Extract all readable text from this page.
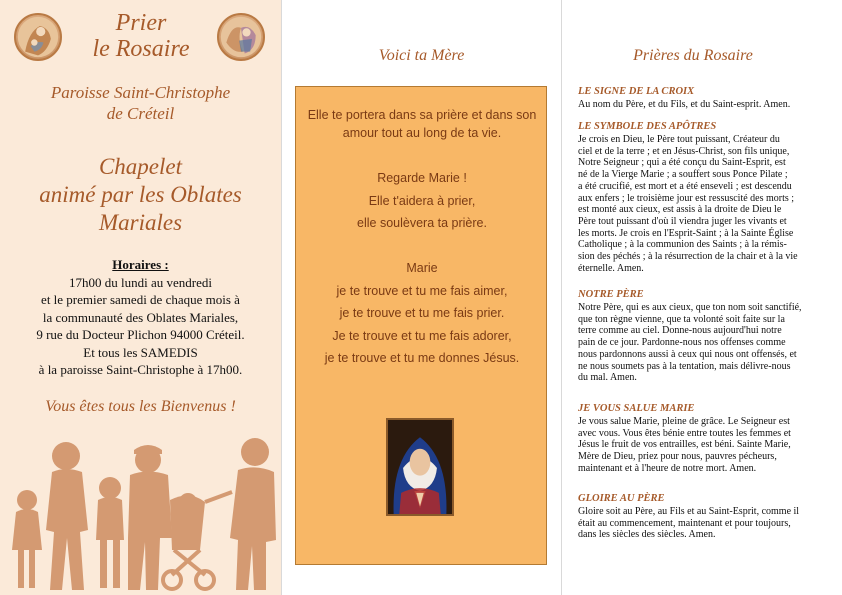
Prier
le Rosaire
Paroisse Saint-Christophe
de Créteil
Chapelet
animé par les Oblates
Mariales
Horaires :
17h00 du lundi au vendredi
et le premier samedi de chaque mois à
la communauté des Oblates Mariales,
9 rue du Docteur Plichon 94000 Créteil.
Et tous les SAMEDIS
à la paroisse Saint-Christophe à 17h00.
Vous êtes tous les Bienvenus !
Voici ta Mère
Elle te portera dans sa prière et dans son
amour tout au long de ta vie.
Regarde Marie !
Elle t'aidera à prier,
elle soulèvera ta prière.
Marie
je te trouve et tu me fais aimer,
je te trouve et tu me fais prier.
Je te trouve et tu me fais adorer,
je te trouve et tu me donnes Jésus.
Prières du Rosaire
LE SIGNE DE LA CROIX

Au nom du Père, et du Fils, et du Saint-esprit. Amen.

LE SYMBOLE DES APÔTRES

Je crois en Dieu, le Père tout puissant, Créateur du

ciel et de la terre ; et en Jésus-Christ, son fils unique,

Notre Seigneur ; qui a été conçu du Saint-Esprit, est

né de la Vierge Marie ; a souffert sous Ponce Pilate ;

a été crucifié, est mort et a été enseveli ; est descendu

aux enfers ; le troisième jour est ressuscité des morts ;

est monté aux cieux, est assis à la droite de Dieu le

Père tout puissant d'où il viendra juger les vivants et

les morts. Je crois en l'Esprit-Saint ; à la Sainte Église

Catholique ; à la communion des Saints ; à la rémis-

sion des péchés ; à la résurrection de la chair et à la vie

éternelle. Amen.

NOTRE PÈRE

Notre Père, qui es aux cieux, que ton nom soit sanctifié,

que ton règne vienne, que ta volonté soit faite sur la

terre comme au ciel. Donne-nous aujourd'hui notre

pain de ce jour. Pardonne-nous nos offenses comme

nous pardonnons aussi à ceux qui nous ont offensés, et

ne nous soumets pas à la tentation, mais délivre-nous

du mal. Amen.

JE VOUS SALUE MARIE

Je vous salue Marie, pleine de grâce. Le Seigneur est

avec vous. Vous êtes bénie entre toutes les femmes et

Jésus le fruit de vos entrailles, est béni. Sainte Marie,

Mère de Dieu, priez pour nous, pauvres pécheurs,

maintenant et à l'heure de notre mort. Amen.

GLOIRE AU PÈRE

Gloire soit au Père, au Fils et au Saint-Esprit, comme il

était au commencement, maintenant et pour toujours,

dans les siècles des siècles. Amen.
